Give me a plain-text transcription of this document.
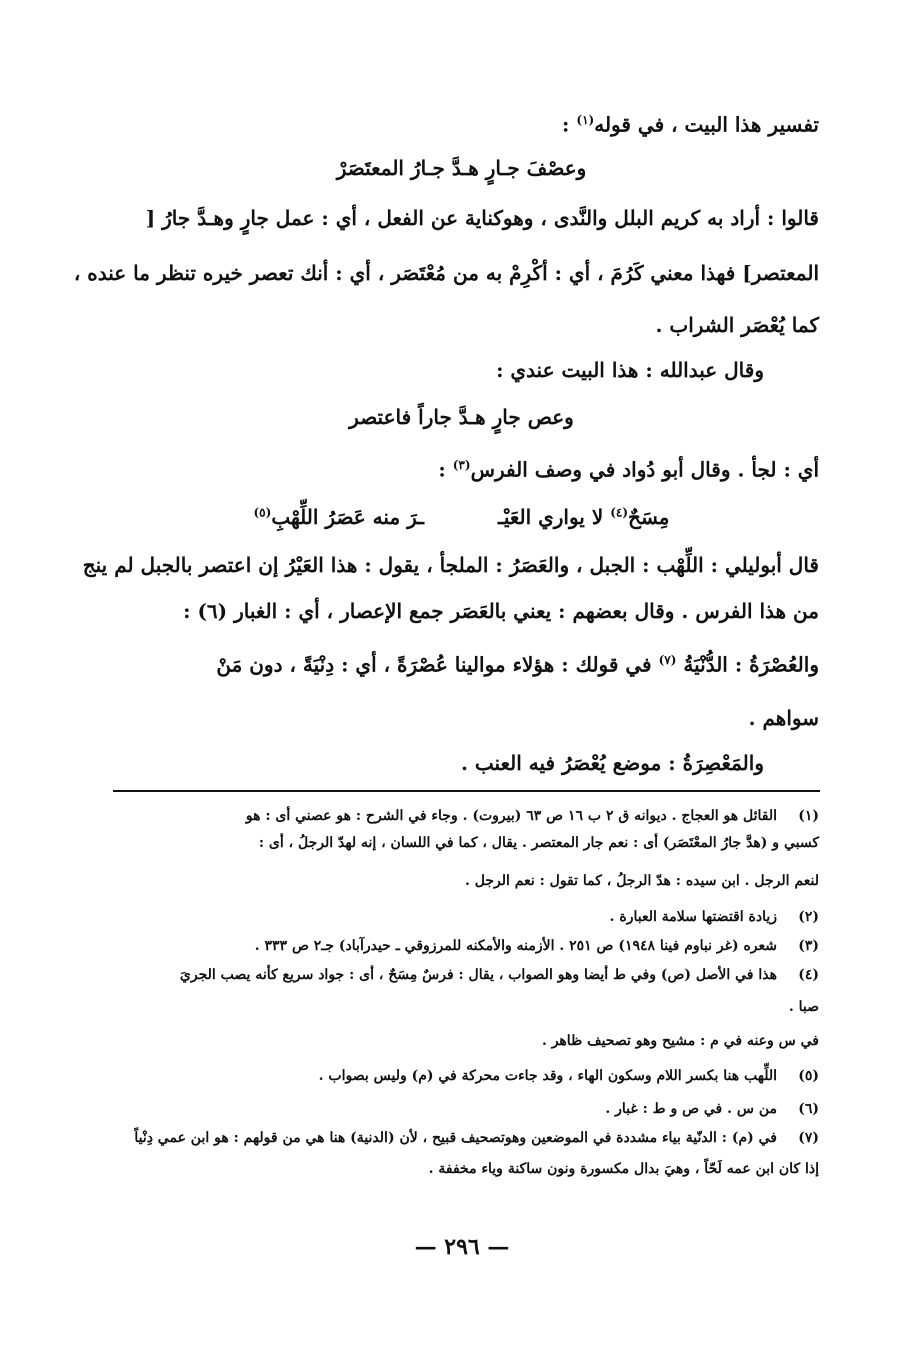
تفسير هذا البيت ، في قوله$^{(١)}$ :
وعصْفَ جـارٍ هـدَّ جـارُ المعتَصَرْ
قالوا : أراد به كريم البلل والنَّدى ، وهوكناية عن الفعل ، أي : عمل جارٍ وهـدَّ جارُ [
المعتصر] فهذا معني كَرُمَ ، أي : أكْرِمْ به من مُعْتَصَر ، أي : أنك تعصر خيره تنظر ما عنده ،
كما يُعْصَر الشراب .
وقال عبدالله : هذا البيت عندي :
وعص جارٍ هـدَّ جاراً فاعتصر
أي : لجأ . وقال أبو دُواد في وصف الفرس$^{(٣)}$ :
مِسَحٌ$^{(٤)}$ لا يواري العَيْـ  ـرَ منه عَصَرُ اللِّهْبِ$^{(٥)}$
قال أبوليلي : اللِّهْب : الجبل ، والعَصَرُ : الملجأ ، يقول : هذا العَيْرُ إن اعتصر بالجبل لم ينج
من هذا الفرس . وقال بعضهم : يعني بالعَصَر جمع الإعصار ، أي : الغبار (٦) :
والعُصْرَةُ : الدُّنْيَةُ $^{(٧)}$ في قولك : هؤلاء موالينا عُصْرَةً ، أي : دِنْيَةً ، دون مَنْ
سواهم .
والمَعْصِرَةُ : موضع يُعْصَرُ فيه العنب .
(١)القائل هو العجاج . ديوانه ق ٢ ب ١٦ ص ٦٣ (بيروت) . وجاء في الشرح : هو عصني أى : هو
كسبي و (هدَّ جارُ المعْتَصَر) أى : نعم جار المعتصر . يقال ، كما في اللسان ، إنه لهدّ الرجلُ ، أى :
لنعم الرجل . ابن سيده : هدّ الرجلُ ، كما تقول : نعم الرجل .
(٢)زيادة اقتضتها سلامة العبارة .
(٣)شعره (غر نباوم فينا ١٩٤٨) ص ٢٥١ . الأزمنه والأمكنه للمرزوقي ـ حيدرآباد) جـ٢ ص ٣٣٣ .
(٤)هذا في الأصل (ص) وفي ط أيضا وهو الصواب ، يقال : فرسٌ مِسَحٌ ، أى : جواد سريع كأنه يصب الجريَ
صبا .
في س وعنه في م : مشيح وهو تصحيف ظاهر .
(٥)اللِّهب هنا بكسر اللام وسكون الهاء ، وقد جاءت محركة في (م) وليس بصواب .
(٦)من س . في ص و ط : غبار .
(٧)في (م) : الدنّية بياء مشددة في الموضعين وهوتصحيف قبيح ، لأن (الدنية) هنا هي من قولهم : هو ابن عمي دِنْياً
إذا كان ابن عمه لَحّاً ، وهيَ بدال مكسورة ونون ساكنة وياء مخففة .
— ٢٩٦ —
